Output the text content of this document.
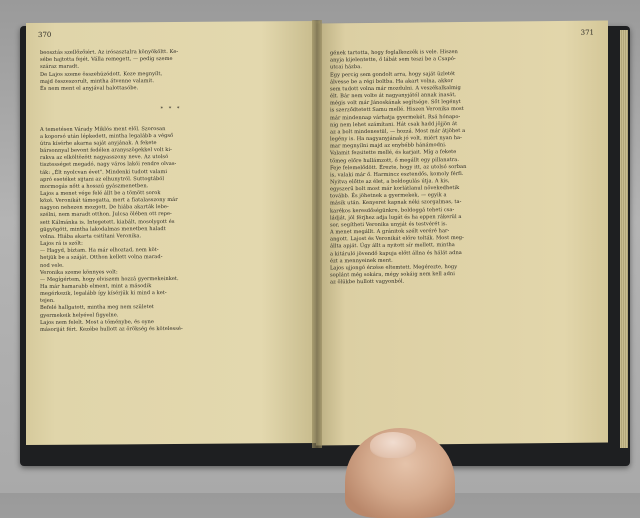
370

beosztás szellőzőiért. Az irósasztalra könyököltt. Ke-
sébe hajtotta fejét. Válla remegett, — pedig szeme
száraz maradt.
De Lajos szeme összehúzódott. Keze megnyílt,
majd összeszorult, mintha átvenne valamit.
És nem ment el anyjával halottasóbe.

* * *

A temetésen Várady Miklós ment elöl. Szorosan
a koporsó után lépkedett, mintha legalább a végső
útra kísérhe akarna saját anyjának. A fekete
bársonnyal bevont fedélen aranyszögekkel volt ki-
rakva az elköltözött nagyasszony neve. Az utolsó
tisztességet megadó, nagy város lakói rendre olvas-
ták: „Élt nyolcvan évet". Mindenki tudott valami
apró esetéket sijtani az elhunytról. Suttogtából
mormogás nőtt a hosszú gyászmenetben.
Lajos a menet vége felé állt be a tömött sorok
közé. Veronikát támogatta, mert a fiatalasszony már
nagyon nehezen mozgott. De hiába akarták lebe-
szélni, nem maradt otthon. Julcsa ölében ott repe-
sett Kálmánka is. Integetett, kiabált, mosolygott és
gügyögött, mintha lakodalmas menetben haladt
volna. Hiába akarta csitítani Veronika.
Lajos rá is szólt:
— Hagyd, bíztam. Ha már elhoztad, nem köt-
hetjük be a száját. Otthon kellett volna marad-
nod vele.
Veronika szeme könnyes volt:
— Megígértem, hogy elviszem hozzá gyermekeinket.
Ha már hamarabb elment, mint a második
megérkezik, legalább így kísérjük ki mind a ket-
tejen.
Befelé hallgatott, mintha meg nem születet
gyermekeik helyével figyelne.
Lajos nem felelt. Most a töménybe, és oyne
másoriját fért. Kezébe hullott az örökség és kötelessé-

371

gének tartotta, hogy foglalkozzék is vele. Hiszen
anyja kijelentette, ő lábát sem teszi be a Csapó-
utcai házba.
Egy percig sem gondolt arra, hogy saját üzletét
álvesse be a régi boltba. Ha akart volna, akkor
sem tudott volna már mozdulni. A veszékalkalmig
élt. Bár nem volte át nagyanyjától annak inasát,
mégis volt már Jánoskának segítsége. Sőt legényt
is szerződtetett Samu mellé. Hiszen Veronika most
már mindennap várhatja gyermekét. Rsá hónapo-
nig nem lehet számítani. Hát csak hadd jöjjön át
az a bolt mindenestül, — hozzá. Most már átjöhet a
legény is. Ha nagyanyjának jó volt, miért nyan ha-
mar megnyílni majd az enyhébb hánámodni.
Valamit fezsitette mellé, és karjait. Míg a fekete
tömeg előre hullámzott, ő megállt egy pillanatra.
Feje felemelődött. Érezte, hogy itt, az utolsó sorban
is, valaki már ő. Harmincz esztendős, komoly férfi.
Nyitva előtte az élet, a boldogulás útja. A kis,
egyszerű bolt most már korlátlanul növekedhetik
tovább. És jöhetnek a gyermekek, — egyik a
másik után. Kenyeret kapnak néki szorgalmas, ta-
karékos keresdőségünkre, boldoggá teheti csa-
ládját, jól férjhez adja lugát és ha eppen rákerül a
sor, segítheti Veronika unyját és testvérét is.
A menet megállt. A gránitok szélt veréré har-
angott. Lajost és Veronikát előre tolták. Most meg-
állta apját. Úgy állt a nyitott sír mellett, mintha
a kitáruló jövendő kapuja előtt állna és hálát adna
ézt a mennyeinek ment.
Lajos ujjongó érzése eltemtett. Megérezte, hogy
soplánt még sokára, mégy sokáig nem kell adni
az ölükbe hullott vagyonból.
